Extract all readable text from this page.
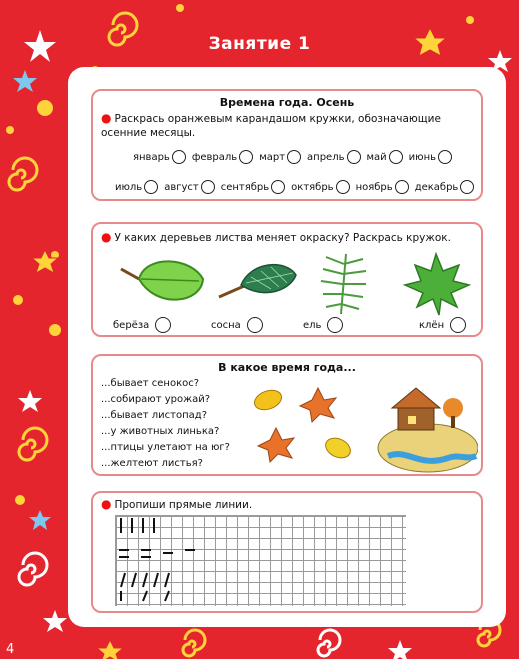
Занятие 1
4
Времена года. Осень
● Раскрась оранжевым карандашом кружки, обозначающие осенние месяцы.
январь февраль март апрель май июнь
июль август сентябрь октябрь ноябрь декабрь
● У каких деревьев листва меняет окраску? Раскрась кружок.
берёза	сосна	ель	клён
В какое время года...
...бывает сенокос?
...собирают урожай?
...бывает листопад?
...у животных линька?
...птицы улетают на юг?
...желтеют листья?
● Пропиши прямые линии.
